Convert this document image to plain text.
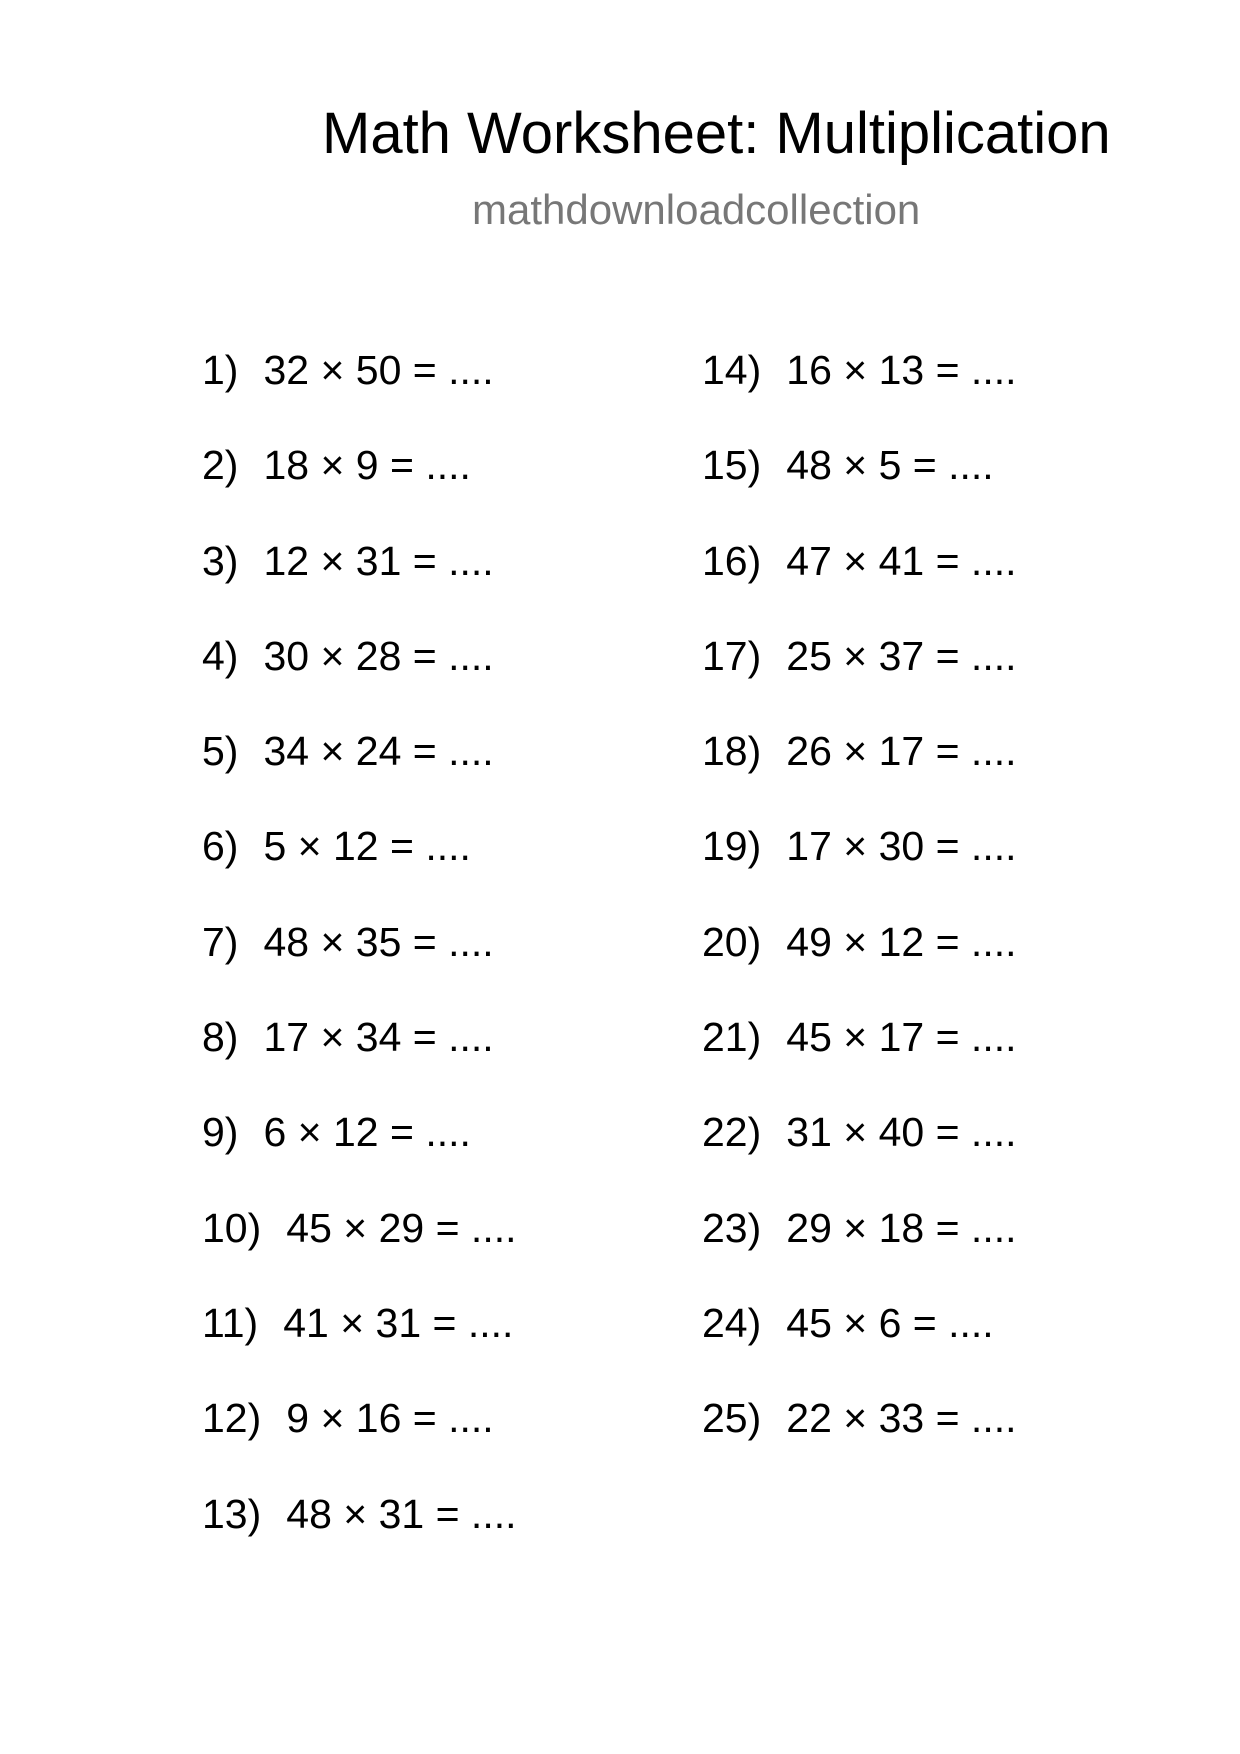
Math Worksheet: Multiplication
mathdownloadcollection
1) 32 × 50 = ....
2) 18 × 9 = ....
3) 12 × 31 = ....
4) 30 × 28 = ....
5) 34 × 24 = ....
6) 5 × 12 = ....
7) 48 × 35 = ....
8) 17 × 34 = ....
9) 6 × 12 = ....
10) 45 × 29 = ....
11) 41 × 31 = ....
12) 9 × 16 = ....
13) 48 × 31 = ....
14) 16 × 13 = ....
15) 48 × 5 = ....
16) 47 × 41 = ....
17) 25 × 37 = ....
18) 26 × 17 = ....
19) 17 × 30 = ....
20) 49 × 12 = ....
21) 45 × 17 = ....
22) 31 × 40 = ....
23) 29 × 18 = ....
24) 45 × 6 = ....
25) 22 × 33 = ....
